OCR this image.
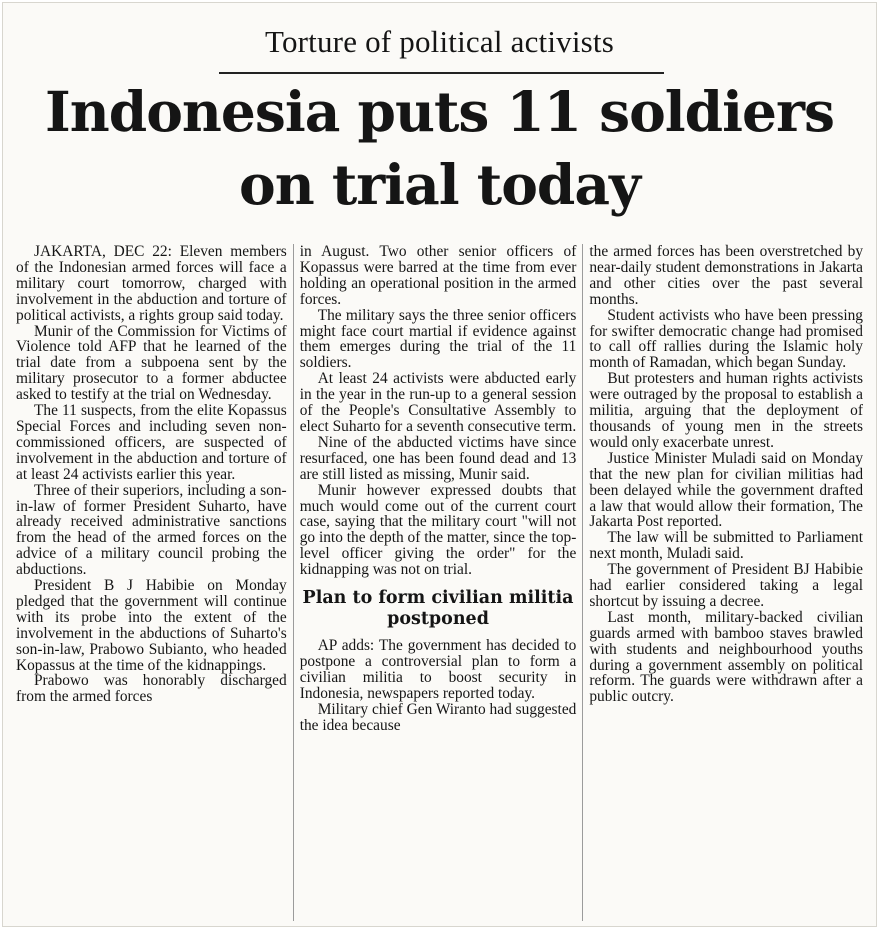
Torture of political activists
Indonesia puts 11 soldiers
on trial today

JAKARTA, DEC 22: Eleven members of the Indonesian armed forces will face a military court tomorrow, charged with involvement in the abduction and torture of political activists, a rights group said today.

Munir of the Commission for Victims of Violence told AFP that he learned of the trial date from a subpoena sent by the military prosecutor to a former abductee asked to testify at the trial on Wednesday.

The 11 suspects, from the elite Kopassus Special Forces and including seven non-commissioned officers, are suspected of involvement in the abduction and torture of at least 24 activists earlier this year.

Three of their superiors, including a son-in-law of former President Suharto, have already received administrative sanctions from the head of the armed forces on the advice of a military council probing the abductions.

President B J Habibie on Monday pledged that the government will continue with its probe into the extent of the involvement in the abductions of Suharto's son-in-law, Prabowo Subianto, who headed Kopassus at the time of the kidnappings.

Prabowo was honorably discharged from the armed forces

in August. Two other senior officers of Kopassus were barred at the time from ever holding an operational position in the armed forces.

The military says the three senior officers might face court martial if evidence against them emerges during the trial of the 11 soldiers.

At least 24 activists were abducted early in the year in the run-up to a general session of the People's Consultative Assembly to elect Suharto for a seventh consecutive term.

Nine of the abducted victims have since resurfaced, one has been found dead and 13 are still listed as missing, Munir said.

Munir however expressed doubts that much would come out of the current court case, saying that the military court "will not go into the depth of the matter, since the top-level officer giving the order" for the kidnapping was not on trial.

Plan to form civilian militia postponed

AP adds: The government has decided to postpone a controversial plan to form a civilian militia to boost security in Indonesia, newspapers reported today.

Military chief Gen Wiranto had suggested the idea because

the armed forces has been overstretched by near-daily student demonstrations in Jakarta and other cities over the past several months.

Student activists who have been pressing for swifter democratic change had promised to call off rallies during the Islamic holy month of Ramadan, which began Sunday.

But protesters and human rights activists were outraged by the proposal to establish a militia, arguing that the deployment of thousands of young men in the streets would only exacerbate unrest.

Justice Minister Muladi said on Monday that the new plan for civilian militias had been delayed while the government drafted a law that would allow their formation, The Jakarta Post reported.

The law will be submitted to Parliament next month, Muladi said.

The government of President BJ Habibie had earlier considered taking a legal shortcut by issuing a decree.

Last month, military-backed civilian guards armed with bamboo staves brawled with students and neighbourhood youths during a government assembly on political reform. The guards were withdrawn after a public outcry.
